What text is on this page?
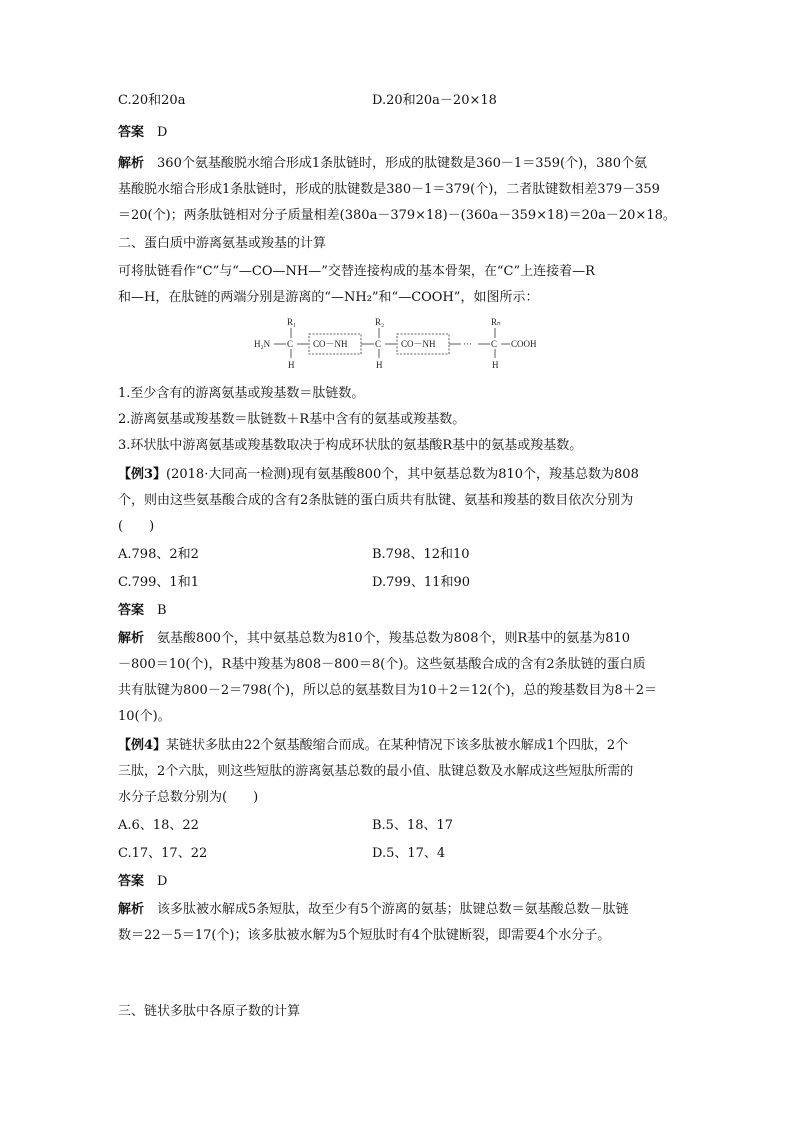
C.20和20a	D.20和20a－20×18
答案　 D
解析　 360个氨基酸脱水缩合形成1条肽链时，形成的肽键数是360－1＝359(个)，380个氨
基酸脱水缩合形成1条肽链时，形成的肽键数是380－1＝379(个)，二者肽键数相差379－359
＝20(个)；两条肽链相对分子质量相差(380a－379×18)－(360a－359×18)＝20a－20×18。
二、蛋白质中游离氨基或羧基的计算
可将肽链看作“C”与“—CO—NH—”交替连接构成的基本骨架，在“C”上连接着—R
和—H，在肽链的两端分别是游离的“—NH₂”和“—COOH”，如图所示：
H₂N C
R₁
H
CO－NH	C
R₂
H
CO－NH	··· C
Rₙ
H
COOH
1.至少含有的游离氨基或羧基数＝肽链数。
2.游离氨基或羧基数＝肽链数＋R基中含有的氨基或羧基数。
3.环状肽中游离氨基或羧基数取决于构成环状肽的氨基酸R基中的氨基或羧基数。
【例3】(2018·大同高一检测)现有氨基酸800个，其中氨基总数为810个，羧基总数为808
个，则由这些氨基酸合成的含有2条肽链的蛋白质共有肽键、氨基和羧基的数目依次分别为
(　　)
A.798、2和2	B.798、12和10
C.799、1和1	D.799、11和90
答案　 B
解析　 氨基酸800个，其中氨基总数为810个，羧基总数为808个，则R基中的氨基为810
－800＝10(个)，R基中羧基为808－800＝8(个)。这些氨基酸合成的含有2条肽链的蛋白质
共有肽键为800－2＝798(个)，所以总的氨基数目为10＋2＝12(个)，总的羧基数目为8＋2＝
10(个)。
【例4】某链状多肽由22个氨基酸缩合而成。在某种情况下该多肽被水解成1个四肽，2个
三肽，2个六肽，则这些短肽的游离氨基总数的最小值、肽键总数及水解成这些短肽所需的
水分子总数分别为(　　)
A.6、18、22	B.5、18、17
C.17、17、22	D.5、17、4
答案　 D
解析　 该多肽被水解成5条短肽，故至少有5个游离的氨基；肽键总数＝氨基酸总数－肽链
数＝22－5＝17(个)；该多肽被水解为5个短肽时有4个肽键断裂，即需要4个水分子。
三、链状多肽中各原子数的计算
